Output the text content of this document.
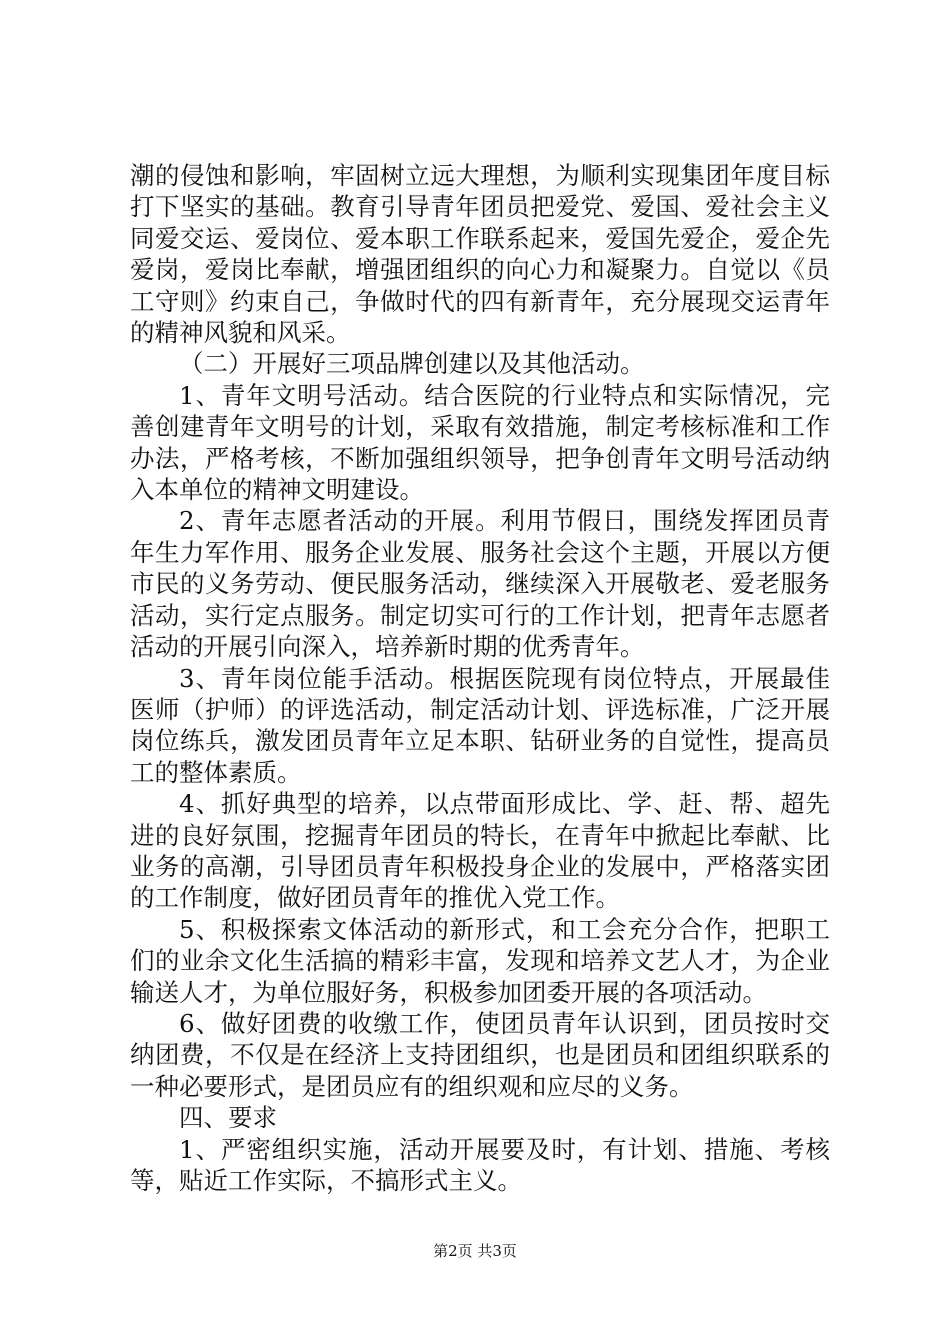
潮的侵蚀和影响，牢固树立远大理想，为顺利实现集团年度目标打下坚实的基础。教育引导青年团员把爱党、爱国、爱社会主义同爱交运、爱岗位、爱本职工作联系起来，爱国先爱企，爱企先爱岗，爱岗比奉献，增强团组织的向心力和凝聚力。自觉以《员工守则》约束自己，争做时代的四有新青年，充分展现交运青年的精神风貌和风采。

（二）开展好三项品牌创建以及其他活动。

1、青年文明号活动。结合医院的行业特点和实际情况，完善创建青年文明号的计划，采取有效措施，制定考核标准和工作办法，严格考核，不断加强组织领导，把争创青年文明号活动纳入本单位的精神文明建设。

2、青年志愿者活动的开展。利用节假日，围绕发挥团员青年生力军作用、服务企业发展、服务社会这个主题，开展以方便市民的义务劳动、便民服务活动，继续深入开展敬老、爱老服务活动，实行定点服务。制定切实可行的工作计划，把青年志愿者活动的开展引向深入，培养新时期的优秀青年。

3、青年岗位能手活动。根据医院现有岗位特点，开展最佳医师（护师）的评选活动，制定活动计划、评选标准，广泛开展岗位练兵，激发团员青年立足本职、钻研业务的自觉性，提高员工的整体素质。

4、抓好典型的培养，以点带面形成比、学、赶、帮、超先进的良好氛围，挖掘青年团员的特长，在青年中掀起比奉献、比业务的高潮，引导团员青年积极投身企业的发展中，严格落实团的工作制度，做好团员青年的推优入党工作。

5、积极探索文体活动的新形式，和工会充分合作，把职工们的业余文化生活搞的精彩丰富，发现和培养文艺人才，为企业输送人才，为单位服好务，积极参加团委开展的各项活动。

6、做好团费的收缴工作，使团员青年认识到，团员按时交纳团费，不仅是在经济上支持团组织，也是团员和团组织联系的一种必要形式，是团员应有的组织观和应尽的义务。

四、要求

1、严密组织实施，活动开展要及时，有计划、措施、考核等，贴近工作实际，不搞形式主义。

第2页 共3页
